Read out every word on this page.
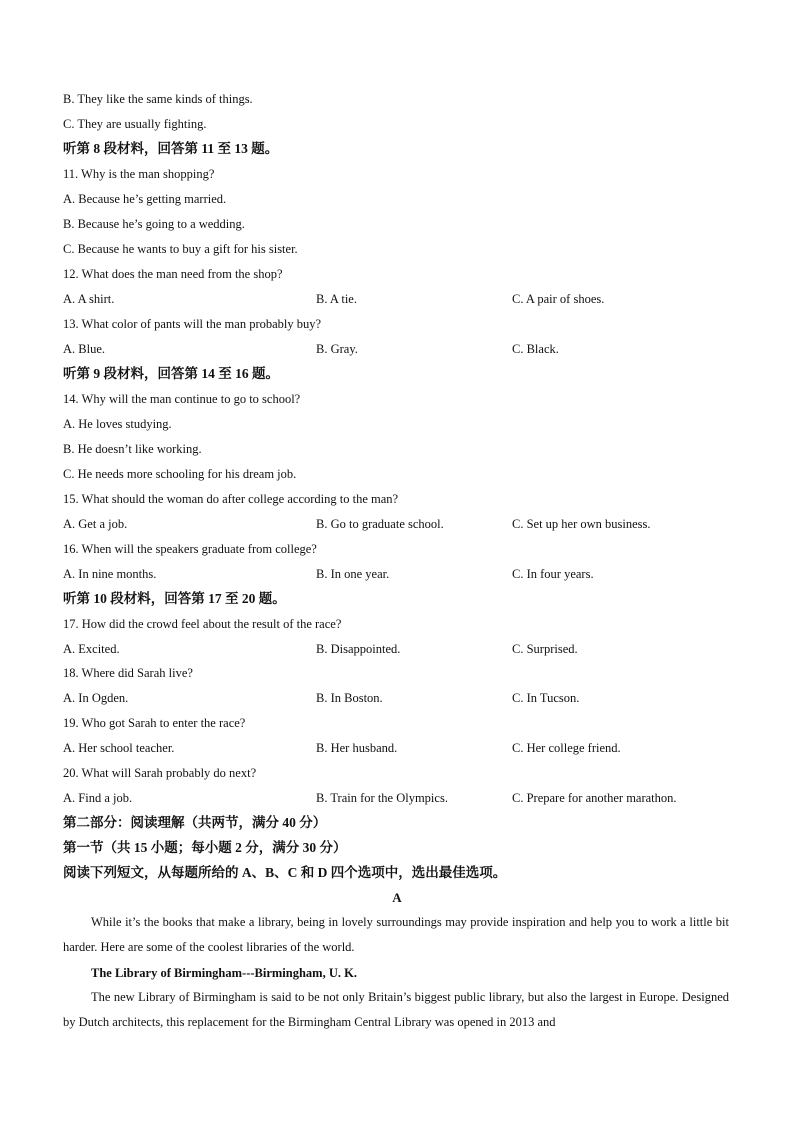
B. They like the same kinds of things.
C. They are usually fighting.
听第 8 段材料，回答第 11 至 13 题。
11. Why is the man shopping?
A. Because he’s getting married.
B. Because he’s going to a wedding.
C. Because he wants to buy a gift for his sister.
12. What does the man need from the shop?
A. A shirt.	B. A tie.	C. A pair of shoes.
13. What color of pants will the man probably buy?
A. Blue.	B. Gray.	C. Black.
听第 9 段材料，回答第 14 至 16 题。
14. Why will the man continue to go to school?
A. He loves studying.
B. He doesn’t like working.
C. He needs more schooling for his dream job.
15. What should the woman do after college according to the man?
A. Get a job.	B. Go to graduate school.	C. Set up her own business.
16. When will the speakers graduate from college?
A. In nine months.	B. In one year.	C. In four years.
听第 10 段材料，回答第 17 至 20 题。
17. How did the crowd feel about the result of the race?
A. Excited.	B. Disappointed.	C. Surprised.
18. Where did Sarah live?
A. In Ogden.	B. In Boston.	C. In Tucson.
19. Who got Sarah to enter the race?
A. Her school teacher.	B. Her husband.	C. Her college friend.
20. What will Sarah probably do next?
A. Find a job.	B. Train for the Olympics.	C. Prepare for another marathon.
第二部分：阅读理解（共两节，满分 40 分）
第一节（共 15 小题；每小题 2 分，满分 30 分）
阅读下列短文，从每题所给的 A、B、C 和 D 四个选项中，选出最佳选项。
A
While it’s the books that make a library, being in lovely surroundings may provide inspiration and help you to work a little bit harder. Here are some of the coolest libraries of the world.
The Library of Birmingham---Birmingham, U. K.
The new Library of Birmingham is said to be not only Britain’s biggest public library, but also the largest in Europe. Designed by Dutch architects, this replacement for the Birmingham Central Library was opened in 2013 and
